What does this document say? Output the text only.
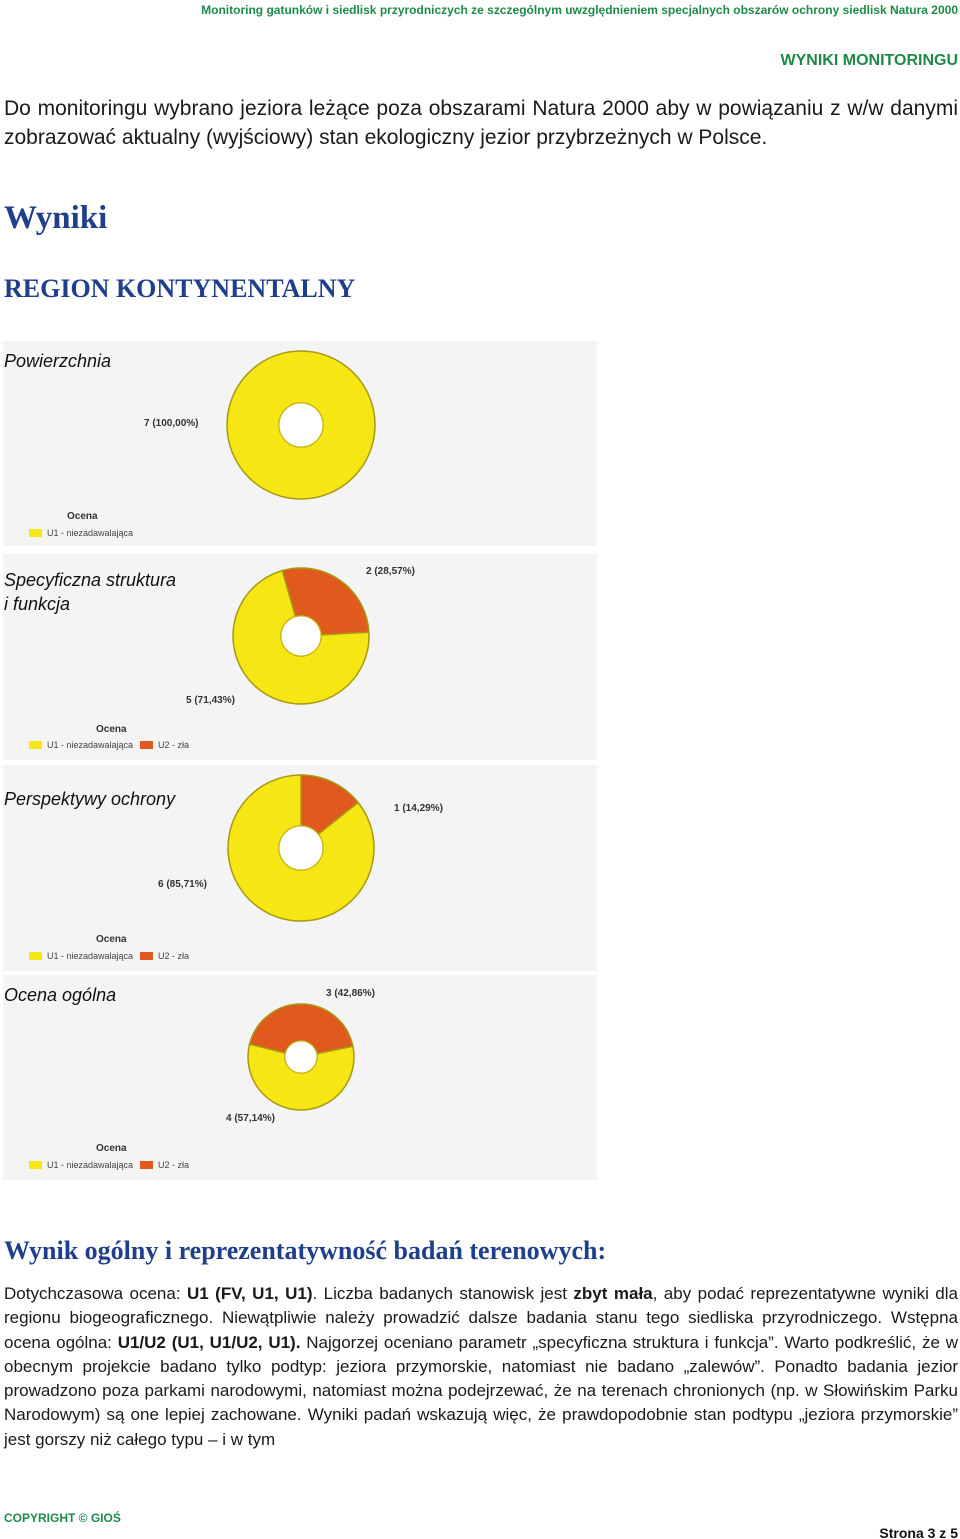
Monitoring gatunków i siedlisk przyrodniczych ze szczególnym uwzględnieniem specjalnych obszarów ochrony siedlisk Natura 2000
WYNIKI MONITORINGU

Do monitoringu wybrano jeziora leżące poza obszarami Natura 2000 aby w powiązaniu z w/w danymi zobrazować aktualny (wyjściowy) stan ekologiczny jezior przybrzeżnych w Polsce.

Wyniki
REGION KONTYNENTALNY
Powierzchnia
7 (100,00%)
Ocena
U1 - niezadawalająca
Specyficzna struktura
i funkcja
2 (28,57%)
5 (71,43%)
Ocena
U1 - niezadawalająca	U2 - zła
Perspektywy ochrony	1 (14,29%)
6 (85,71%)
Ocena
U1 - niezadawalająca	U2 - zła
Ocena ogólna	3 (42,86%)
4 (57,14%)
Ocena
U1 - niezadawalająca	U2 - zła
Wynik ogólny i reprezentatywność badań terenowych:

Dotychczasowa ocena: U1 (FV, U1, U1). Liczba badanych stanowisk jest zbyt mała, aby podać reprezentatywne wyniki dla regionu biogeograficznego. Niewątpliwie należy prowadzić dalsze badania stanu tego siedliska przyrodniczego. Wstępna ocena ogólna: U1/U2 (U1, U1/U2, U1). Najgorzej oceniano parametr „specyficzna struktura i funkcja”. Warto podkreślić, że w obecnym projekcie badano tylko podtyp: jeziora przymorskie, natomiast nie badano „zalewów”. Ponadto badania jezior prowadzono poza parkami narodowymi, natomiast można podejrzewać, że na terenach chronionych (np. w Słowińskim Parku Narodowym) są one lepiej zachowane. Wyniki padań wskazują więc, że prawdopodobnie stan podtypu „jeziora przymorskie” jest gorszy niż całego typu – i w tym

COPYRIGHT © GIOŚ
Strona 3 z 5
